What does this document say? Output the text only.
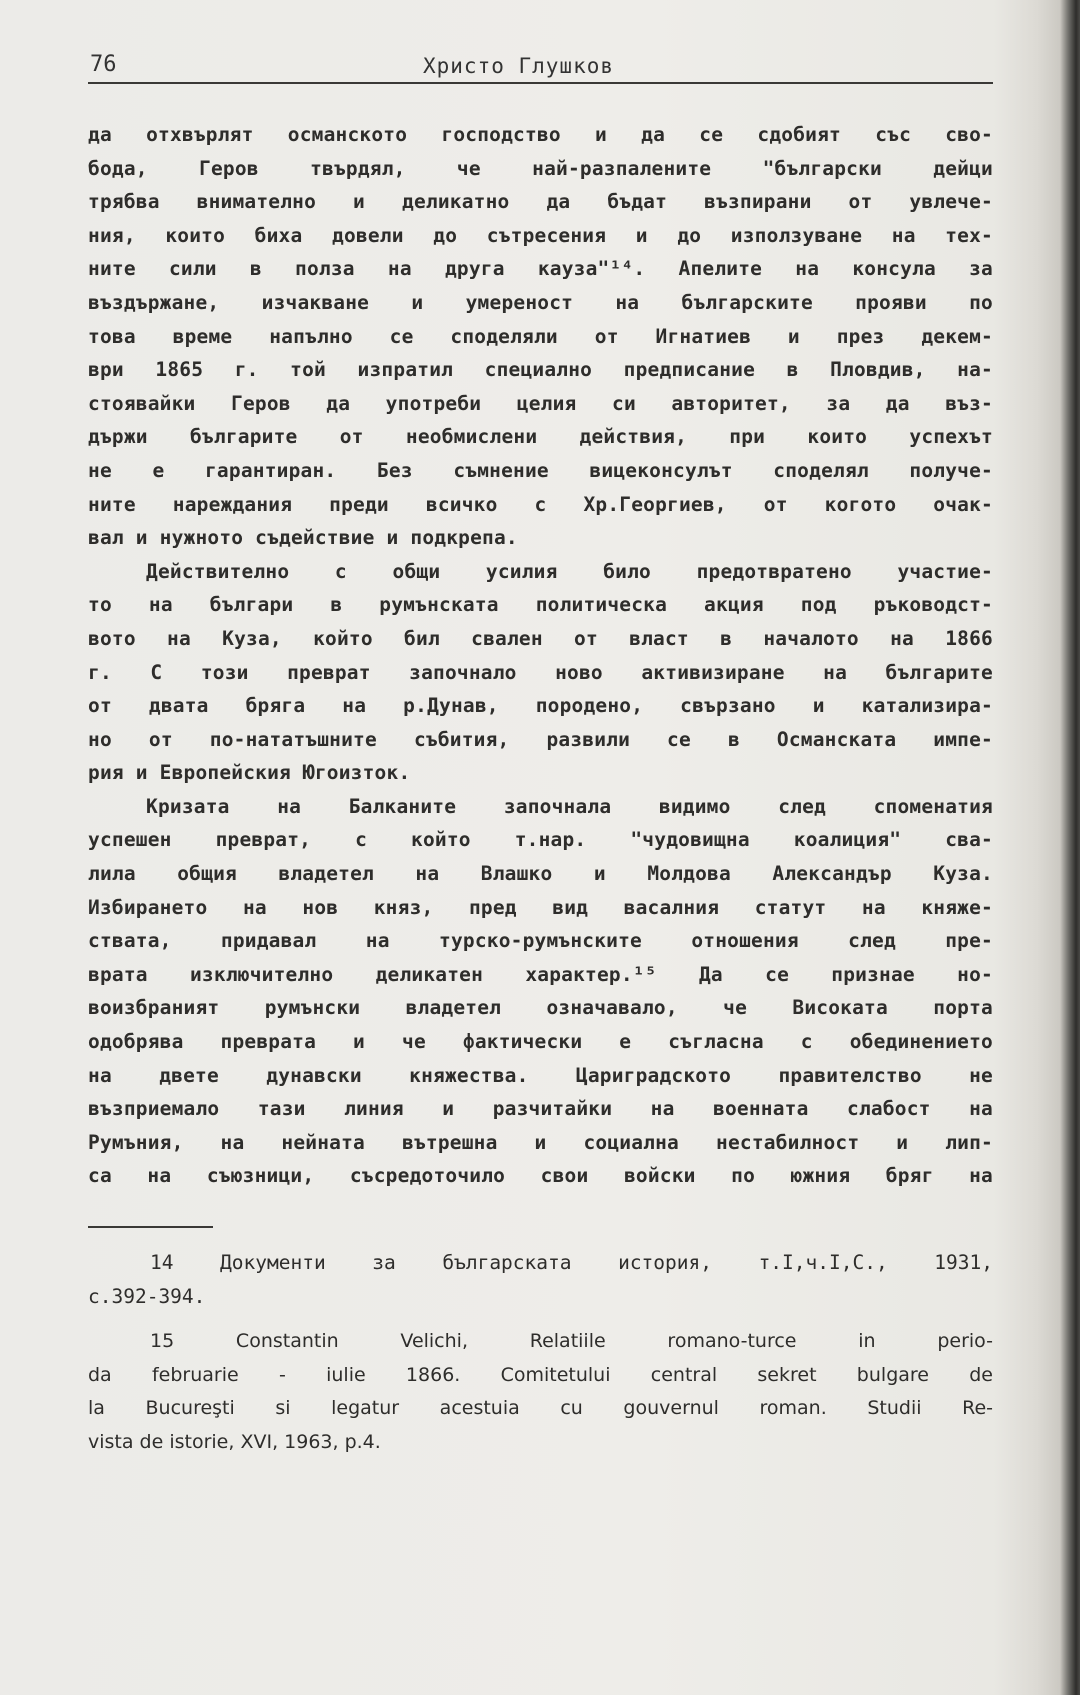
76	Христо Глушков
да отхвърлят османското господство и да се сдобият със сво-
бода, Геров твърдял, че най-разпалените "български дейци
трябва внимателно и деликатно да бъдат възпирани от увлече-
ния, които биха довели до сътресения и до използуване на тех-
ните сили в полза на друга кауза"¹⁴. Апелите на консула за
въздържане, изчакване и умереност на българските прояви по
това време напълно се споделяли от Игнатиев и през декем-
ври 1865 г. той изпратил специално предписание в Пловдив, на-
стоявайки Геров да употреби целия си авторитет, за да въз-
държи българите от необмислени действия, при които успехът
не е гарантиран. Без съмнение вицеконсулът споделял получе-
ните нареждания преди всичко с Хр.Георгиев, от когото очак-
вал и нужното съдействие и подкрепа.
Действително с общи усилия било предотвратено участие-
то на българи в румънската политическа акция под ръководст-
вото на Куза, който бил свален от власт в началото на 1866
г. С този преврат започнало ново активизиране на българите
от двата бряга на р.Дунав, породено, свързано и катализира-
но от по-нататъшните събития, развили се в Османската импе-
рия и Европейския Югоизток.
Кризата на Балканите започнала видимо след споменатия
успешен преврат, с който т.нар. "чудовищна коалиция" сва-
лила общия владетел на Влашко и Молдова Александър Куза.
Избирането на нов княз, пред вид васалния статут на княже-
ствата, придавал на турско-румънските отношения след пре-
врата изключително деликатен характер.¹⁵ Да се признае но-
воизбраният румънски владетел означавало, че Високата порта
одобрява преврата и че фактически е съгласна с обединението
на двете дунавски княжества. Цариградското правителство не
възприемало тази линия и разчитайки на военната слабост на
Румъния, на нейната вътрешна и социална нестабилност и лип-
са на съюзници, съсредоточило свои войски по южния бряг на
14 Документи за българската история, т.I,ч.I,С., 1931,
с.392-394.
15 Constantin Velichi, Relatiile romano-turce in perio-
da februarie - iulie 1866. Comitetului central sekret bulgare de
la Bucureşti si legatur acestuia cu gouvernul roman. Studii Re-
vista de istorie, XVI, 1963, p.4.
